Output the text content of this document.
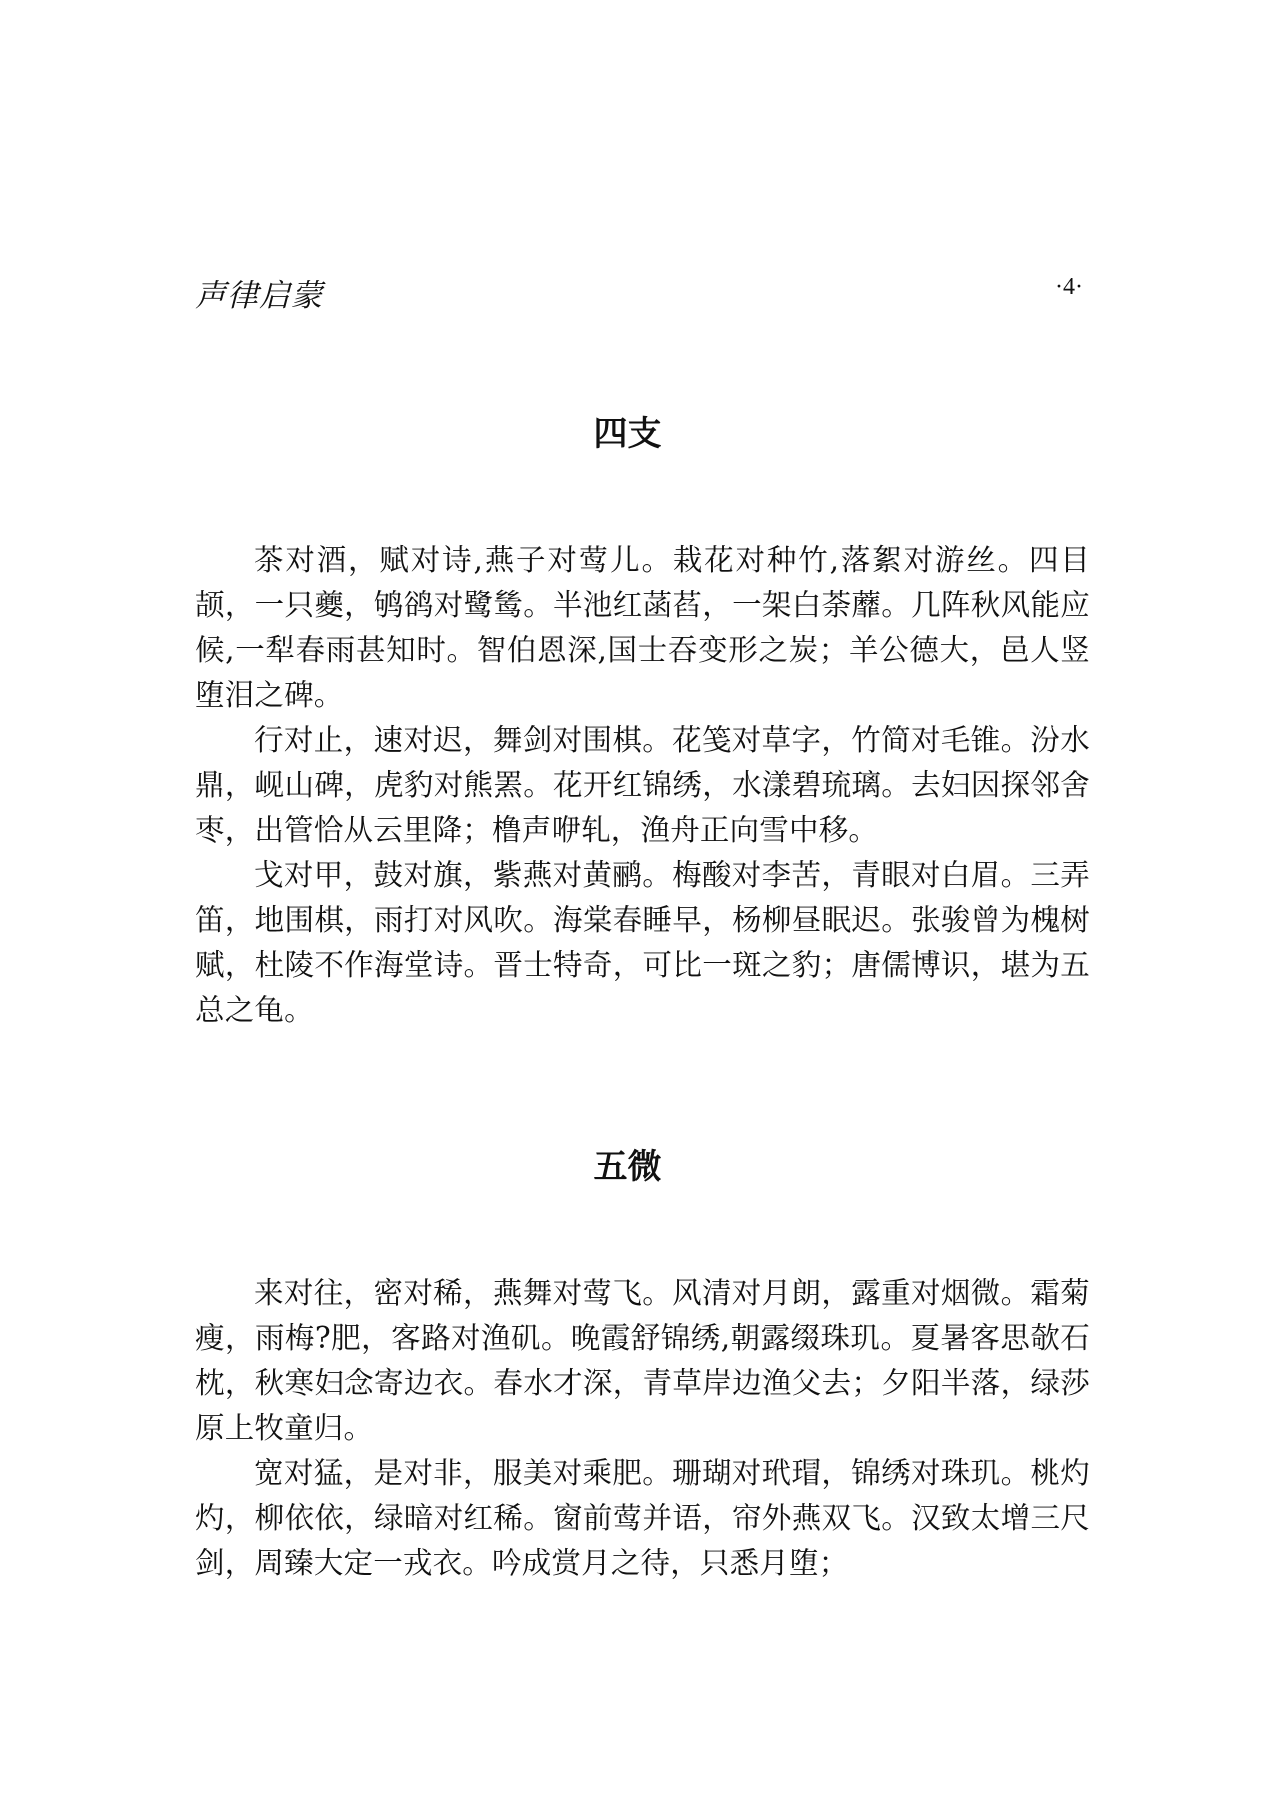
声律启蒙	·4·
四支

茶对酒，赋对诗,燕子对莺儿。栽花对种竹,落絮对游丝。四目颉，一只夔，鸲鹆对鹭鸶。半池红菡萏，一架白荼蘼。几阵秋风能应候,一犁春雨甚知时。智伯恩深,国士吞变形之炭；羊公德大，邑人竖堕泪之碑。

行对止，速对迟，舞剑对围棋。花笺对草字，竹简对毛锥。汾水鼎，岘山碑，虎豹对熊罴。花开红锦绣，水漾碧琉璃。去妇因探邻舍枣，出管恰从云里降；橹声咿轧，渔舟正向雪中移。

戈对甲，鼓对旗，紫燕对黄鹂。梅酸对李苦，青眼对白眉。三弄笛，地围棋，雨打对风吹。海棠春睡早，杨柳昼眠迟。张骏曾为槐树赋，杜陵不作海堂诗。晋士特奇，可比一斑之豹；唐儒博识，堪为五总之龟。

五微

来对往，密对稀，燕舞对莺飞。风清对月朗，露重对烟微。霜菊瘦，雨梅?肥，客路对渔矶。晚霞舒锦绣,朝露缀珠玑。夏暑客思欹石枕，秋寒妇念寄边衣。春水才深，青草岸边渔父去；夕阳半落，绿莎原上牧童归。

宽对猛，是对非，服美对乘肥。珊瑚对玳瑁，锦绣对珠玑。桃灼灼，柳依依，绿暗对红稀。窗前莺并语，帘外燕双飞。汉致太增三尺剑，周臻大定一戎衣。吟成赏月之待，只悉月堕；
